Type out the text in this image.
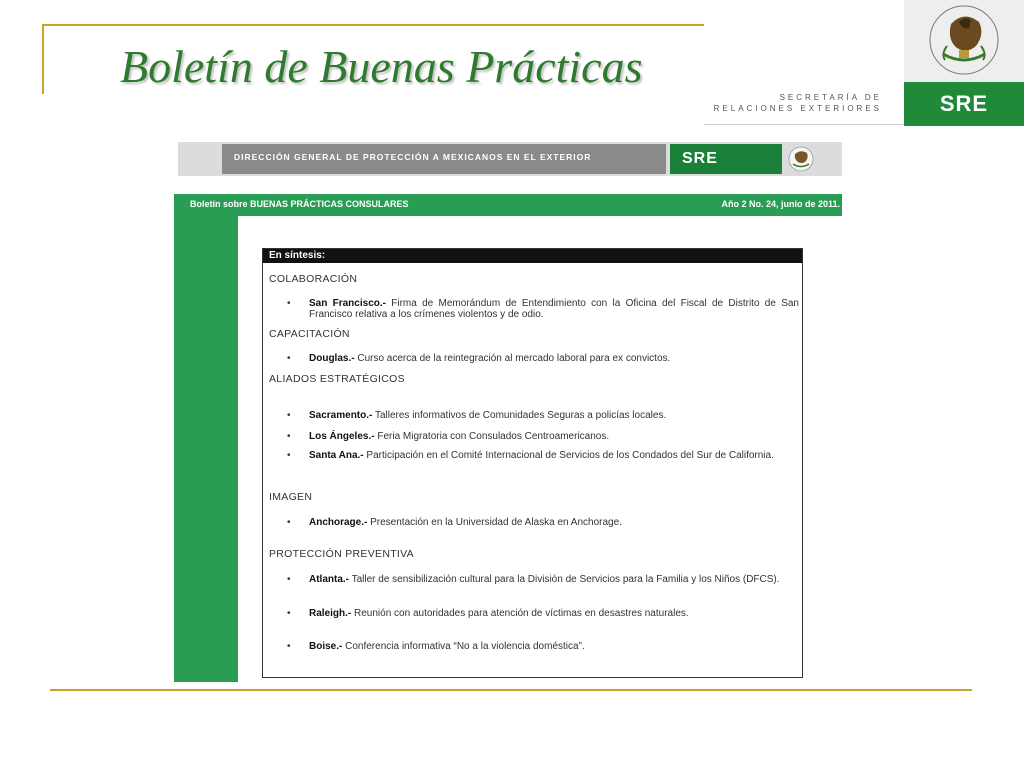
Boletín de Buenas Prácticas
SRE
SECRETARÍA DE
RELACIONES EXTERIORES
DIRECCIÓN GENERAL DE PROTECCIÓN A MEXICANOS EN EL EXTERIOR	SRE
Boletín sobre BUENAS PRÁCTICAS CONSULARES	Año 2 No. 24, junio de 2011.
En síntesis:
COLABORACIÓN
• San Francisco.- Firma de Memorándum de Entendimiento con la Oficina del Fiscal de Distrito de San Francisco relativa a los crímenes violentos y de odio.
CAPACITACIÓN
• Douglas.- Curso acerca de la reintegración al mercado laboral para ex convictos.
ALIADOS ESTRATÉGICOS
• Sacramento.- Talleres informativos de Comunidades Seguras a policías locales.
• Los Ángeles.- Feria Migratoria con Consulados Centroamericanos.
• Santa Ana.- Participación en el Comité Internacional de Servicios de los Condados del Sur de California.
IMAGEN
• Anchorage.- Presentación en la Universidad de Alaska en Anchorage.
PROTECCIÓN PREVENTIVA
• Atlanta.- Taller de sensibilización cultural para la División de Servicios para la Familia y los Niños (DFCS).
• Raleigh.- Reunión con autoridades para atención de víctimas en desastres naturales.
• Boise.- Conferencia informativa “No a la violencia doméstica”.
